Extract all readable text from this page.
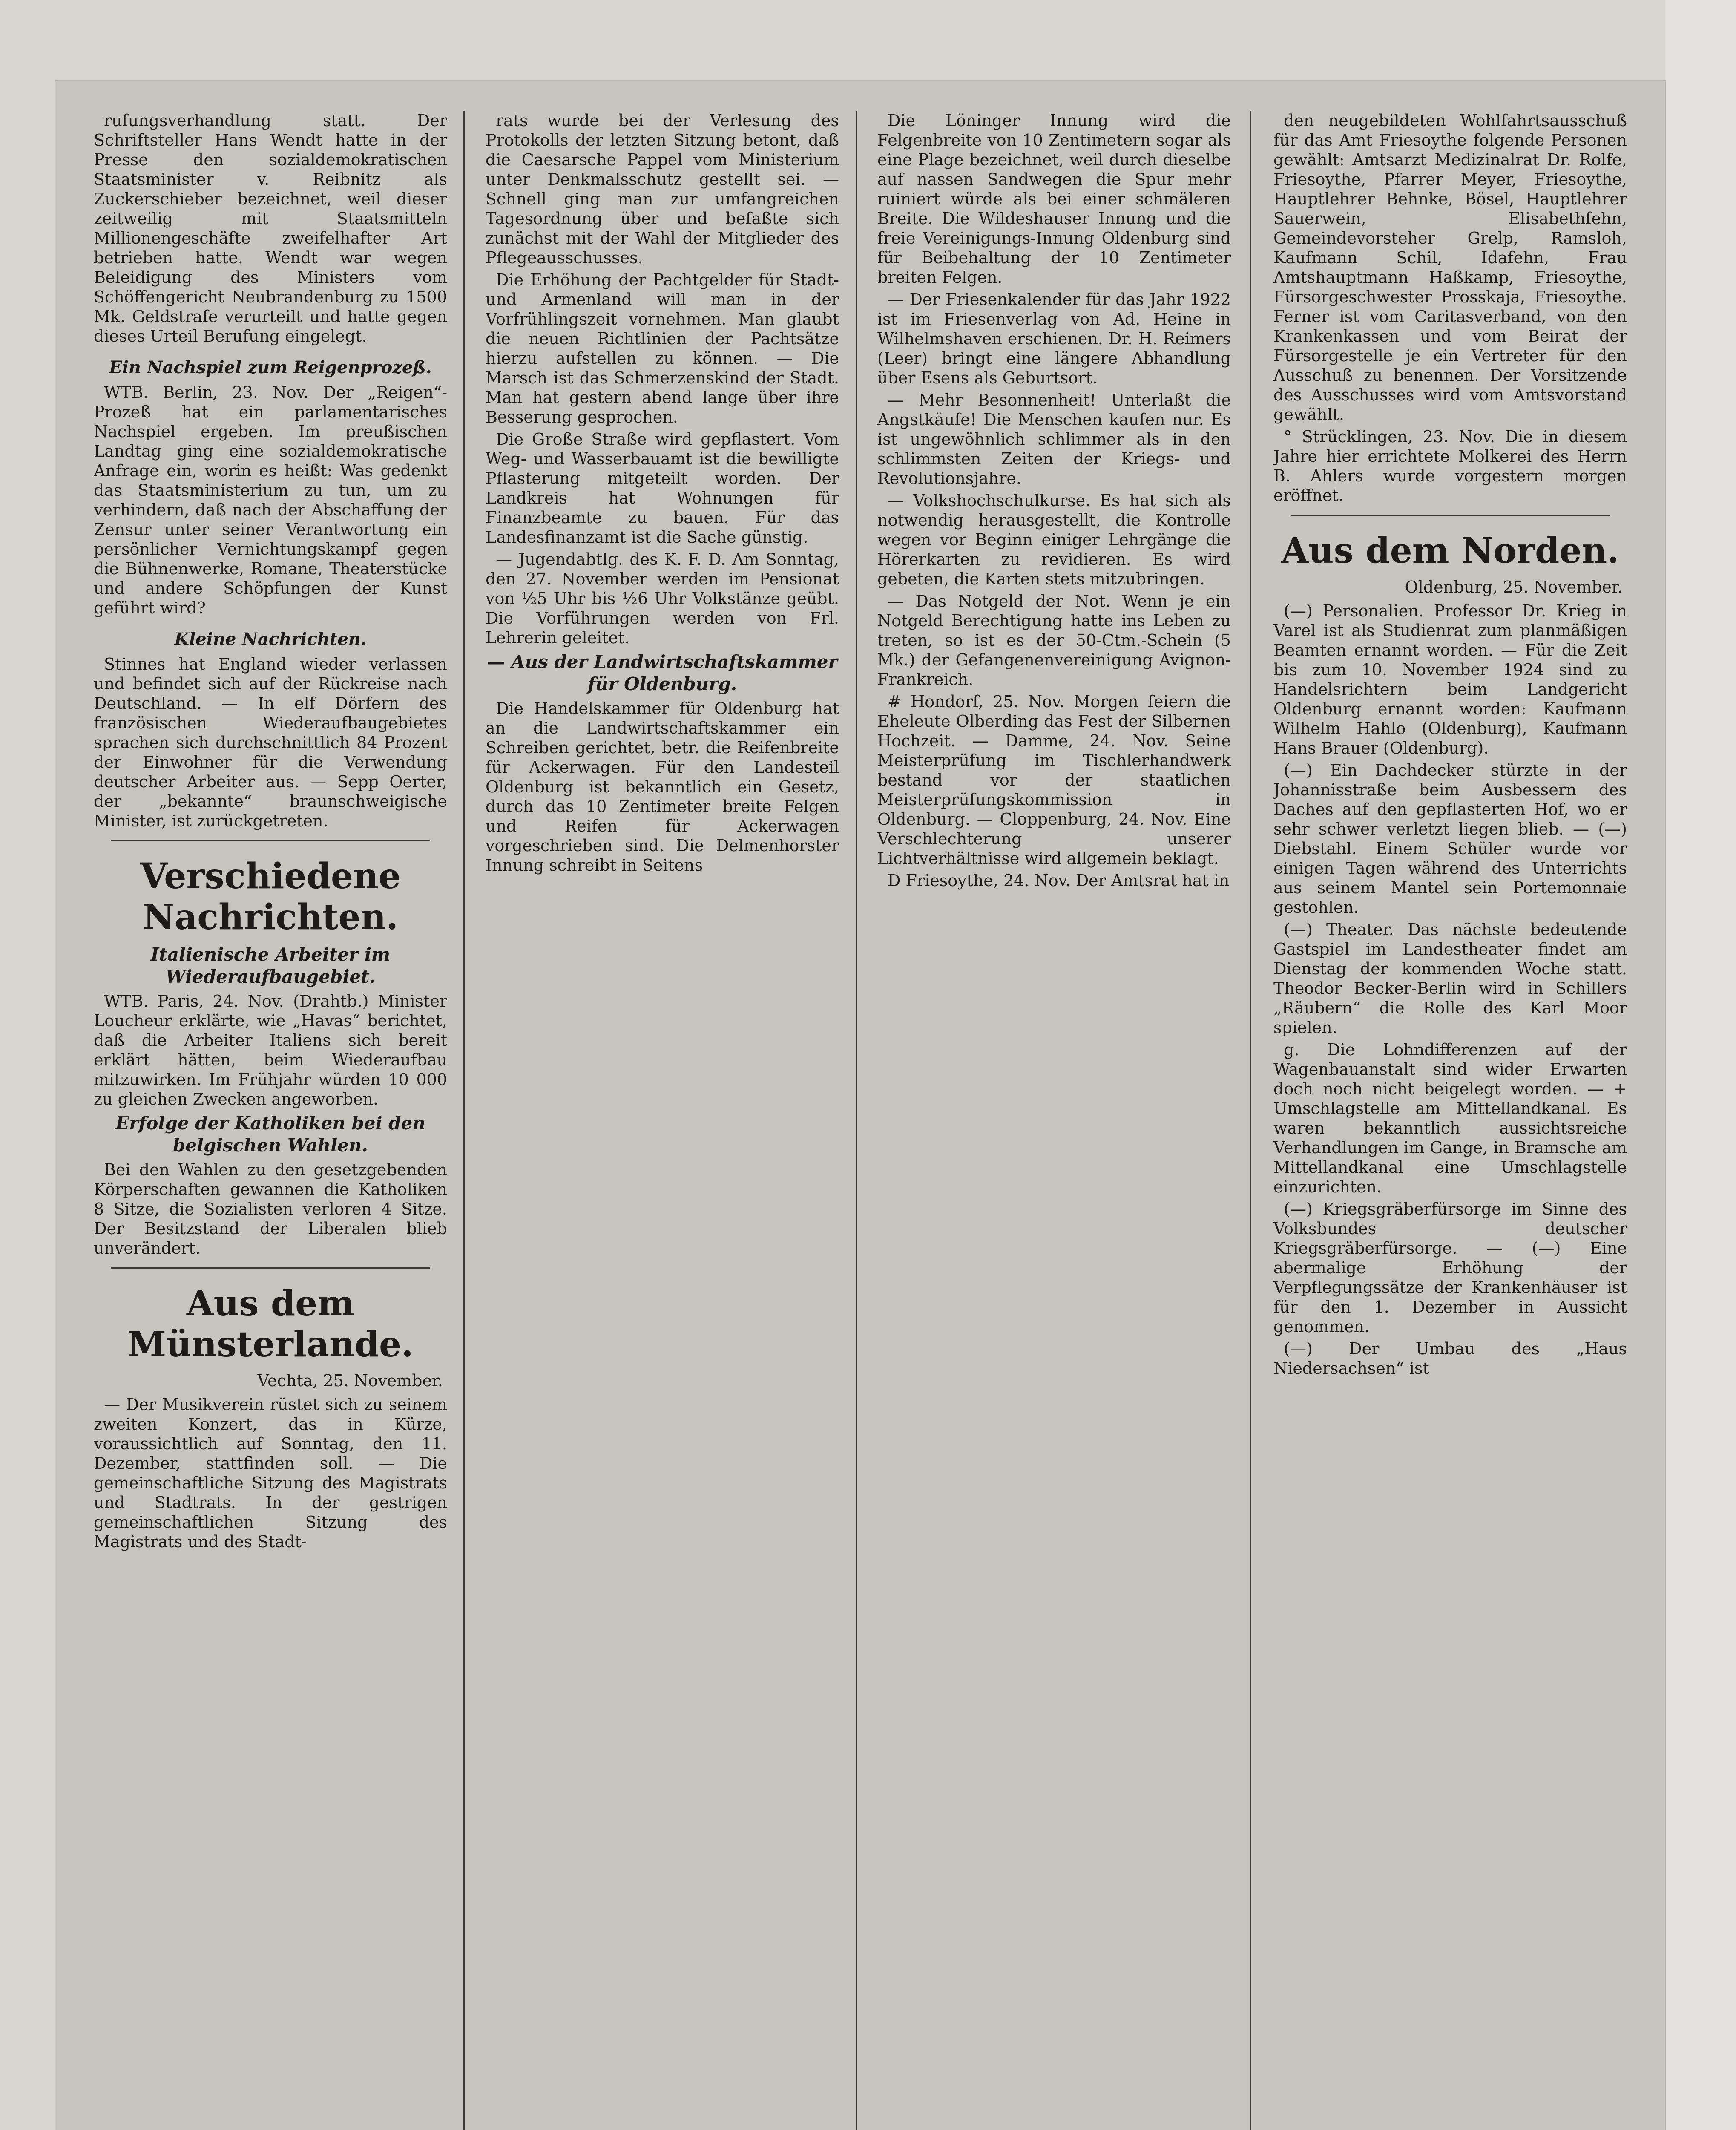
rufungsverhandlung statt. Der Schriftsteller Hans Wendt hatte in der Presse den sozialdemokratischen Staatsminister v. Reibnitz als Zuckerschieber bezeichnet, weil dieser zeitweilig mit Staatsmitteln Millionengeschäfte zweifelhafter Art betrieben hatte. Wendt war wegen Beleidigung des Ministers vom Schöffengericht Neubrandenburg zu 1500 Mk. Geldstrafe verurteilt und hatte gegen dieses Urteil Berufung eingelegt.

Ein Nachspiel zum Reigenprozeß.

WTB. Berlin, 23. Nov. Der „Reigen“-Prozeß hat ein parlamentarisches Nachspiel ergeben. Im preußischen Landtag ging eine sozialdemokratische Anfrage ein, worin es heißt: Was gedenkt das Staatsministerium zu tun, um zu verhindern, daß nach der Abschaffung der Zensur unter seiner Verantwortung ein persönlicher Vernichtungskampf gegen die Bühnenwerke, Romane, Theaterstücke und andere Schöpfungen der Kunst geführt wird?

Kleine Nachrichten.

Stinnes hat England wieder verlassen und befindet sich auf der Rückreise nach Deutschland. — In elf Dörfern des französischen Wiederaufbaugebietes sprachen sich durchschnittlich 84 Prozent der Einwohner für die Verwendung deutscher Arbeiter aus. — Sepp Oerter, der „bekannte“ braunschweigische Minister, ist zurückgetreten.

Verschiedene Nachrichten.
Italienische Arbeiter im Wiederaufbaugebiet.

WTB. Paris, 24. Nov. (Drahtb.) Minister Loucheur erklärte, wie „Havas“ berichtet, daß die Arbeiter Italiens sich bereit erklärt hätten, beim Wiederaufbau mitzuwirken. Im Frühjahr würden 10 000 zu gleichen Zwecken angeworben.

Erfolge der Katholiken bei den belgischen Wahlen.

Bei den Wahlen zu den gesetzgebenden Körperschaften gewannen die Katholiken 8 Sitze, die Sozialisten verloren 4 Sitze. Der Besitzstand der Liberalen blieb unverändert.

Aus dem Münsterlande.
Vechta, 25. November.

— Der Musikverein rüstet sich zu seinem zweiten Konzert, das in Kürze, voraussichtlich auf Sonntag, den 11. Dezember, stattfinden soll. — Die gemeinschaftliche Sitzung des Magistrats und Stadtrats. In der gestrigen gemeinschaftlichen Sitzung des Magistrats und des Stadt-

rats wurde bei der Verlesung des Protokolls der letzten Sitzung betont, daß die Caesarsche Pappel vom Ministerium unter Denkmalsschutz gestellt sei. — Schnell ging man zur umfangreichen Tagesordnung über und befaßte sich zunächst mit der Wahl der Mitglieder des Pflegeausschusses.

Die Erhöhung der Pachtgelder für Stadt- und Armenland will man in der Vorfrühlingszeit vornehmen. Man glaubt die neuen Richtlinien der Pachtsätze hierzu aufstellen zu können. — Die Marsch ist das Schmerzenskind der Stadt. Man hat gestern abend lange über ihre Besserung gesprochen.

Die Große Straße wird gepflastert. Vom Weg- und Wasserbauamt ist die bewilligte Pflasterung mitgeteilt worden. Der Landkreis hat Wohnungen für Finanzbeamte zu bauen. Für das Landesfinanzamt ist die Sache günstig.

— Jugendabtlg. des K. F. D. Am Sonntag, den 27. November werden im Pensionat von ½5 Uhr bis ½6 Uhr Volkstänze geübt. Die Vorführungen werden von Frl. Lehrerin geleitet.

— Aus der Landwirtschaftskammer für Oldenburg.

Die Handelskammer für Oldenburg hat an die Landwirtschaftskammer ein Schreiben gerichtet, betr. die Reifenbreite für Ackerwagen. Für den Landesteil Oldenburg ist bekanntlich ein Gesetz, durch das 10 Zentimeter breite Felgen und Reifen für Ackerwagen vorgeschrieben sind. Die Delmenhorster Innung schreibt in Seitens

Die Löninger Innung wird die Felgenbreite von 10 Zentimetern sogar als eine Plage bezeichnet, weil durch dieselbe auf nassen Sandwegen die Spur mehr ruiniert würde als bei einer schmäleren Breite. Die Wildeshauser Innung und die freie Vereinigungs-Innung Oldenburg sind für Beibehaltung der 10 Zentimeter breiten Felgen.

— Der Friesenkalender für das Jahr 1922 ist im Friesenverlag von Ad. Heine in Wilhelmshaven erschienen. Dr. H. Reimers (Leer) bringt eine längere Abhandlung über Esens als Geburtsort.

— Mehr Besonnenheit! Unterlaßt die Angstkäufe! Die Menschen kaufen nur. Es ist ungewöhnlich schlimmer als in den schlimmsten Zeiten der Kriegs- und Revolutionsjahre.

— Volkshochschulkurse. Es hat sich als notwendig herausgestellt, die Kontrolle wegen vor Beginn einiger Lehrgänge die Hörerkarten zu revidieren. Es wird gebeten, die Karten stets mitzubringen.

— Das Notgeld der Not. Wenn je ein Notgeld Berechtigung hatte ins Leben zu treten, so ist es der 50-Ctm.-Schein (5 Mk.) der Gefangenenvereinigung Avignon-Frankreich.

# Hondorf, 25. Nov. Morgen feiern die Eheleute Olberding das Fest der Silbernen Hochzeit. — Damme, 24. Nov. Seine Meisterprüfung im Tischlerhandwerk bestand vor der staatlichen Meisterprüfungskommission in Oldenburg. — Cloppenburg, 24. Nov. Eine Verschlechterung unserer Lichtverhältnisse wird allgemein beklagt.

D Friesoythe, 24. Nov. Der Amtsrat hat in

den neugebildeten Wohlfahrtsausschuß für das Amt Friesoythe folgende Personen gewählt: Amtsarzt Medizinalrat Dr. Rolfe, Friesoythe, Pfarrer Meyer, Friesoythe, Hauptlehrer Behnke, Bösel, Hauptlehrer Sauerwein, Elisabethfehn, Gemeindevorsteher Grelp, Ramsloh, Kaufmann Schil, Idafehn, Frau Amtshauptmann Haßkamp, Friesoythe, Fürsorgeschwester Prosskaja, Friesoythe. Ferner ist vom Caritasverband, von den Krankenkassen und vom Beirat der Fürsorgestelle je ein Vertreter für den Ausschuß zu benennen. Der Vorsitzende des Ausschusses wird vom Amtsvorstand gewählt.

° Strücklingen, 23. Nov. Die in diesem Jahre hier errichtete Molkerei des Herrn B. Ahlers wurde vorgestern morgen eröffnet.

Aus dem Norden.
Oldenburg, 25. November.

(—) Personalien. Professor Dr. Krieg in Varel ist als Studienrat zum planmäßigen Beamten ernannt worden. — Für die Zeit bis zum 10. November 1924 sind zu Handelsrichtern beim Landgericht Oldenburg ernannt worden: Kaufmann Wilhelm Hahlo (Oldenburg), Kaufmann Hans Brauer (Oldenburg).

(—) Ein Dachdecker stürzte in der Johannisstraße beim Ausbessern des Daches auf den gepflasterten Hof, wo er sehr schwer verletzt liegen blieb. — (—) Diebstahl. Einem Schüler wurde vor einigen Tagen während des Unterrichts aus seinem Mantel sein Portemonnaie gestohlen.

(—) Theater. Das nächste bedeutende Gastspiel im Landestheater findet am Dienstag der kommenden Woche statt. Theodor Becker-Berlin wird in Schillers „Räubern“ die Rolle des Karl Moor spielen.

g. Die Lohndifferenzen auf der Wagenbauanstalt sind wider Erwarten doch noch nicht beigelegt worden. — + Umschlagstelle am Mittellandkanal. Es waren bekanntlich aussichtsreiche Verhandlungen im Gange, in Bramsche am Mittellandkanal eine Umschlagstelle einzurichten.

(—) Kriegsgräberfürsorge im Sinne des Volksbundes deutscher Kriegsgräberfürsorge. — (—) Eine abermalige Erhöhung der Verpflegungssätze der Krankenhäuser ist für den 1. Dezember in Aussicht genommen.

(—) Der Umbau des „Haus Niedersachsen“ ist
